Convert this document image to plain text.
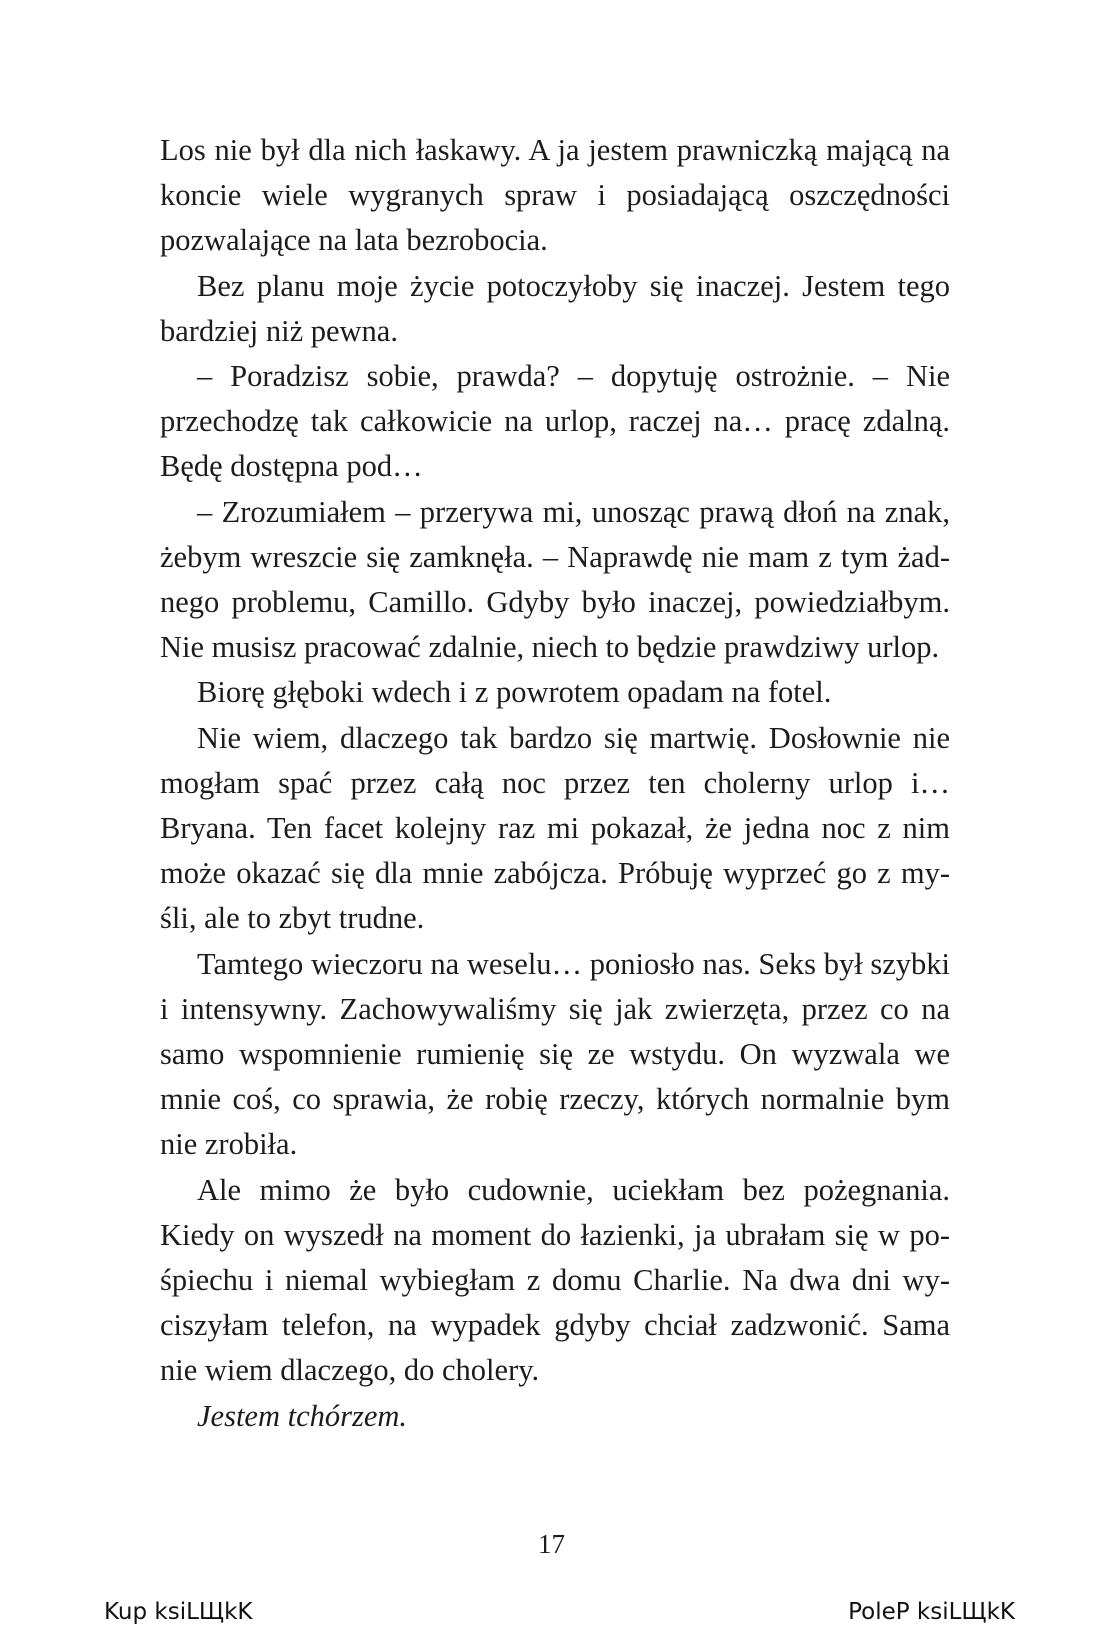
Los nie był dla nich łaskawy. A ja jestem prawniczką mającą na koncie wiele wygranych spraw i posiadającą oszczędności pozwalające na lata bezrobocia.

Bez planu moje życie potoczyłoby się inaczej. Jestem tego bardziej niż pewna.

– Poradzisz sobie, prawda? – dopytuję ostrożnie. – Nie przechodzę tak całkowicie na urlop, raczej na… pracę zdalną. Będę dostępna pod…

– Zrozumiałem – przerywa mi, unosząc prawą dłoń na znak, żebym wreszcie się zamknęła. – Naprawdę nie mam z tym żadnego problemu, Camillo. Gdyby było inaczej, powiedziałbym. Nie musisz pracować zdalnie, niech to będzie prawdziwy urlop.

Biorę głęboki wdech i z powrotem opadam na fotel.

Nie wiem, dlaczego tak bardzo się martwię. Dosłownie nie mogłam spać przez całą noc przez ten cholerny urlop i… Bryana. Ten facet kolejny raz mi pokazał, że jedna noc z nim może okazać się dla mnie zabójcza. Próbuję wyprzeć go z myśli, ale to zbyt trudne.

Tamtego wieczoru na weselu… poniosło nas. Seks był szybki i intensywny. Zachowywaliśmy się jak zwierzęta, przez co na samo wspomnienie rumienię się ze wstydu. On wyzwala we mnie coś, co sprawia, że robię rzeczy, których normalnie bym nie zrobiła.

Ale mimo że było cudownie, uciekłam bez pożegnania. Kiedy on wyszedł na moment do łazienki, ja ubrałam się w pośpiechu i niemal wybiegłam z domu Charlie. Na dwa dni wyciszyłam telefon, na wypadek gdyby chciał zadzwonić. Sama nie wiem dlaczego, do cholery.

Jestem tchórzem.

17
Kup ksiLЩkK	PoleP ksiLЩkK
